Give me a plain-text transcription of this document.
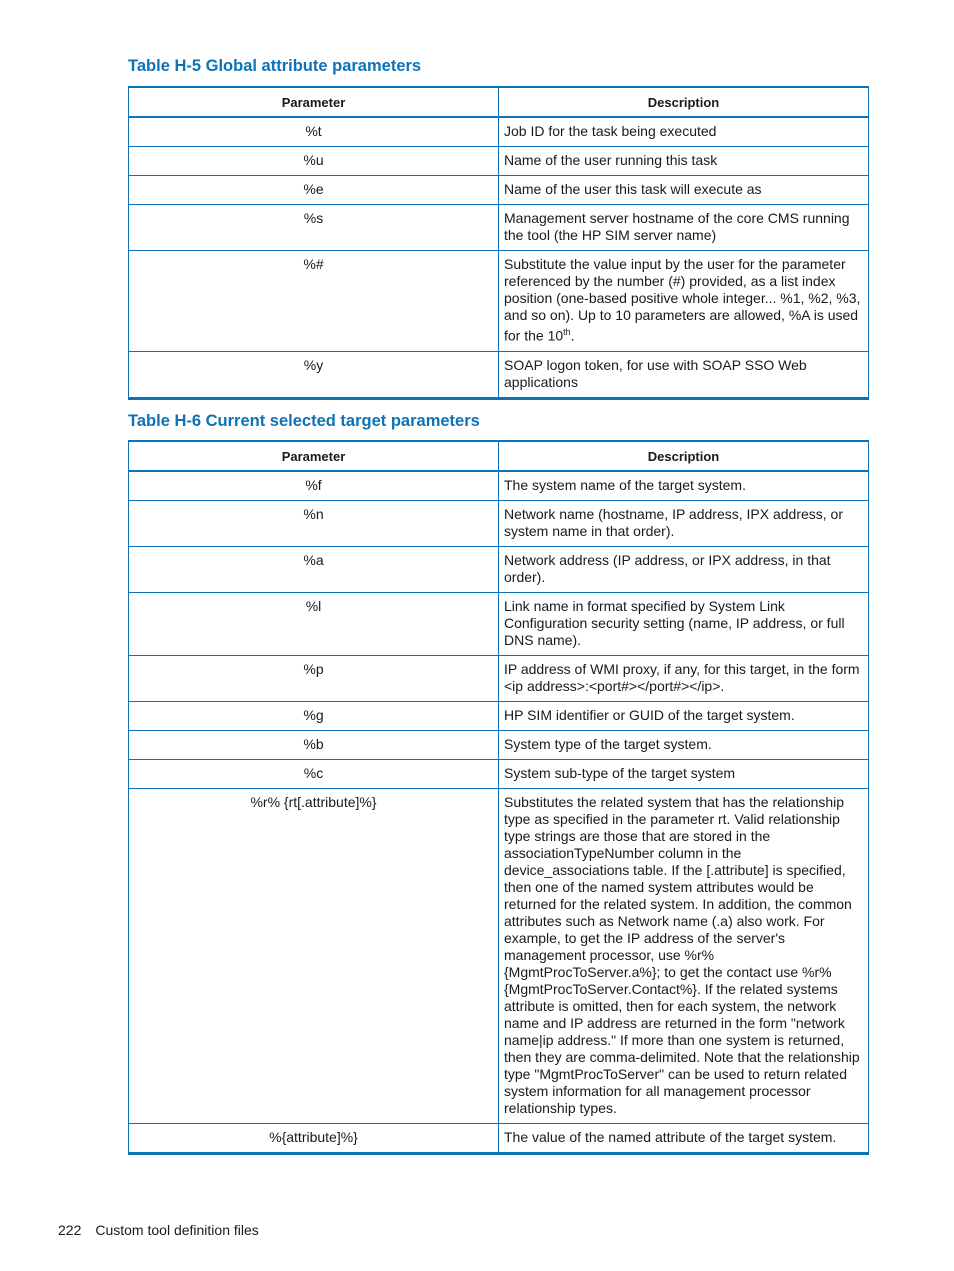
Table H-5 Global attribute parameters
Parameter	Description
%t	Job ID for the task being executed
%u	Name of the user running this task
%e	Name of the user this task will execute as
%s	Management server hostname of the core CMS running the tool (the HP SIM server name)
%#	Substitute the value input by the user for the parameter referenced by the number (#) provided, as a list index position (one-based positive whole integer... %1, %2, %3, and so on). Up to 10 parameters are allowed, %A is used for the 10th.
%y	SOAP logon token, for use with SOAP SSO Web applications
Table H-6 Current selected target parameters
Parameter	Description
%f	The system name of the target system.
%n	Network name (hostname, IP address, IPX address, or system name in that order).
%a	Network address (IP address, or IPX address, in that order).
%l	Link name in format specified by System Link Configuration security setting (name, IP address, or full DNS name).
%p	IP address of WMI proxy, if any, for this target, in the form <ip address>:<port#></port#></ip>.
%g	HP SIM identifier or GUID of the target system.
%b	System type of the target system.
%c	System sub-type of the target system
%r% {rt[.attribute]%}	Substitutes the related system that has the relationship type as specified in the parameter rt. Valid relationship type strings are those that are stored in the associationTypeNumber column in the device_associations table. If the [.attribute] is specified, then one of the named system attributes would be returned for the related system. In addition, the common attributes such as Network name (.a) also work. For example, to get the IP address of the server's management processor, use %r%{MgmtProcToServer.a%}; to get the contact use %r%{MgmtProcToServer.Contact%}. If the related systems attribute is omitted, then for each system, the network name and IP address are returned in the form "network name|ip address." If more than one system is returned, then they are comma-delimited. Note that the relationship type "MgmtProcToServer" can be used to return related system information for all management processor relationship types.
%{attribute]%}	The value of the named attribute of the target system.
222 Custom tool definition files
